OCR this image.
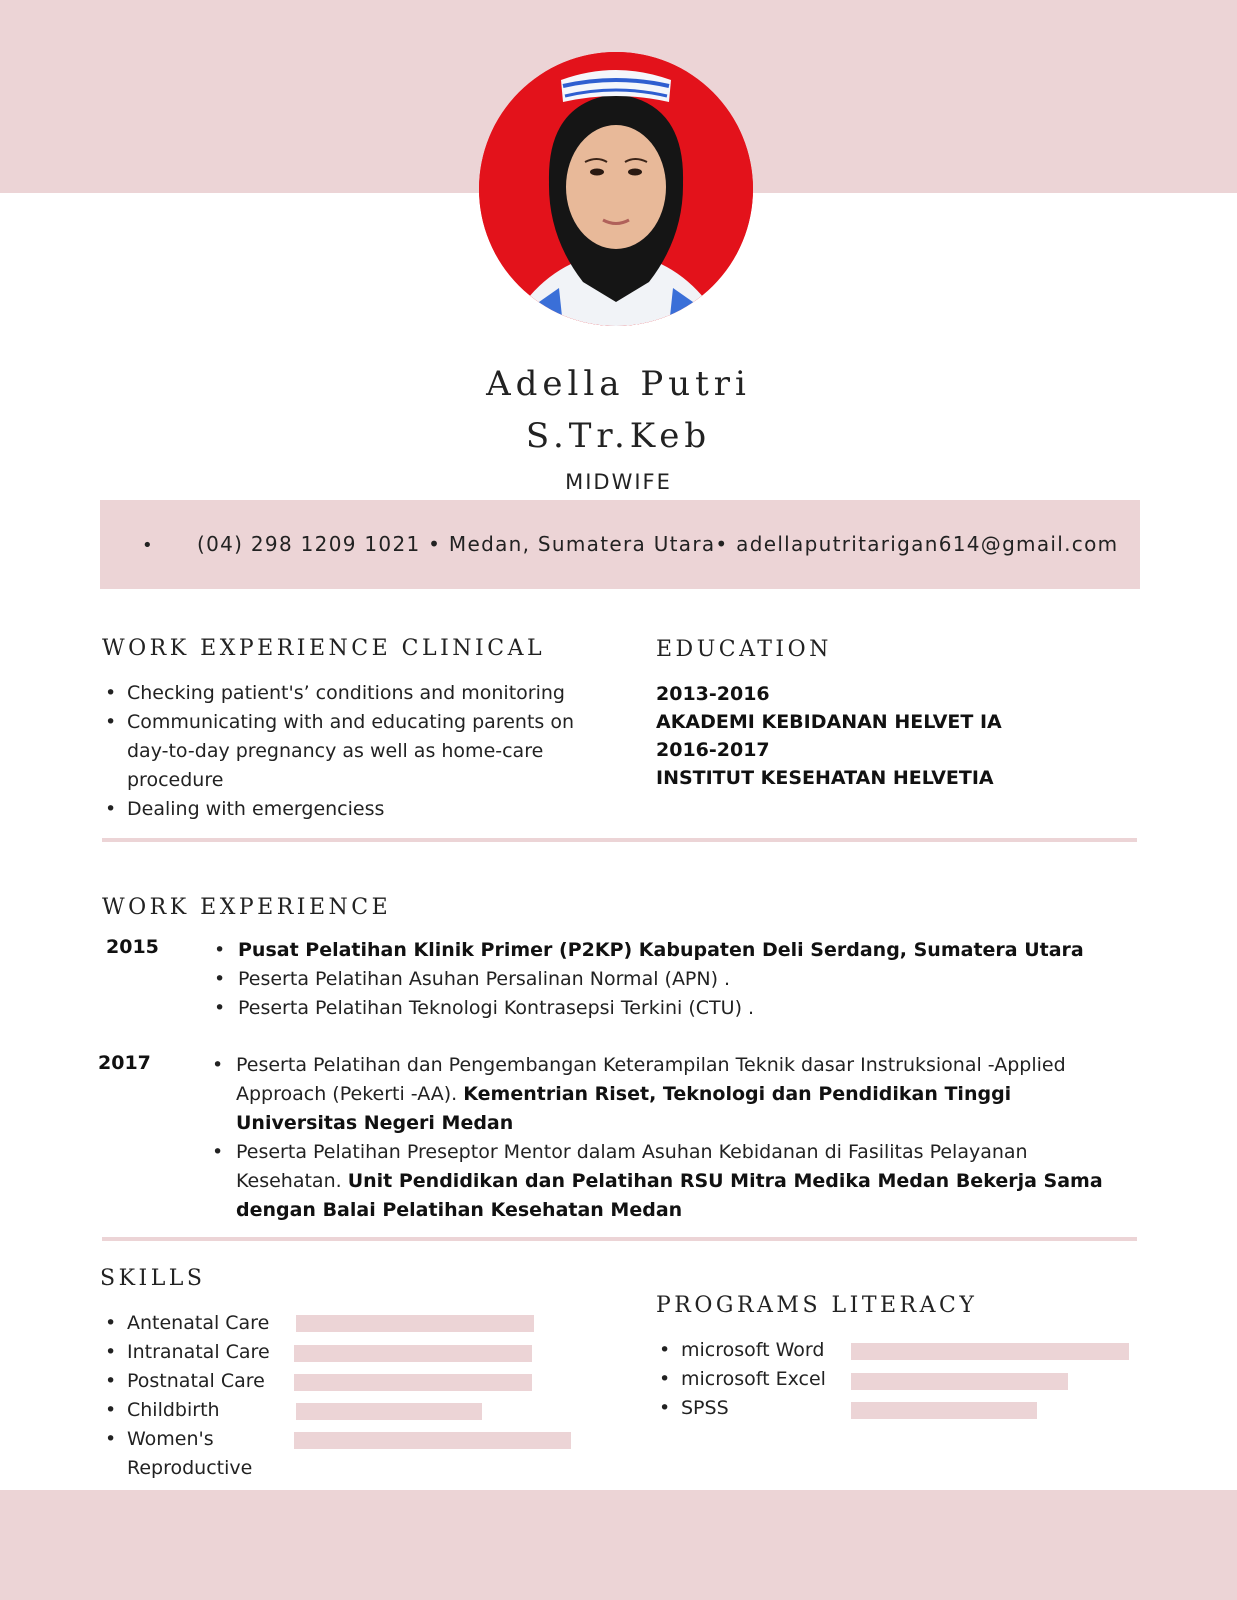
Adella Putri
S.Tr.Keb
MIDWIFE
• (04) 298 1209 1021 • Medan, Sumatera Utara• adellaputritarigan614@gmail.com
WORK EXPERIENCE CLINICAL
• Checking patient's’ conditions and monitoring
• Communicating with and educating parents on day-to-day pregnancy as well as home-care procedure
• Dealing with emergenciess
EDUCATION
2013-2016
AKADEMI KEBIDANAN HELVET IA
2016-2017
INSTITUT KESEHATAN HELVETIA
WORK EXPERIENCE
2015	• Pusat Pelatihan Klinik Primer (P2KP) Kabupaten Deli Serdang, Sumatera Utara
• Peserta Pelatihan Asuhan Persalinan Normal (APN) .
• Peserta Pelatihan Teknologi Kontrasepsi Terkini (CTU) .
2017	• Peserta Pelatihan dan Pengembangan Keterampilan Teknik dasar Instruksional -Applied Approach (Pekerti -AA). Kementrian Riset, Teknologi dan Pendidikan Tinggi Universitas Negeri Medan
• Peserta Pelatihan Preseptor Mentor dalam Asuhan Kebidanan di Fasilitas Pelayanan Kesehatan. Unit Pendidikan dan Pelatihan RSU Mitra Medika Medan Bekerja Sama dengan Balai Pelatihan Kesehatan Medan
SKILLS
• Antenatal Care
• Intranatal Care
• Postnatal Care
• Childbirth
• Women's Reproductive
PROGRAMS LITERACY
• microsoft Word
• microsoft Excel
• SPSS
